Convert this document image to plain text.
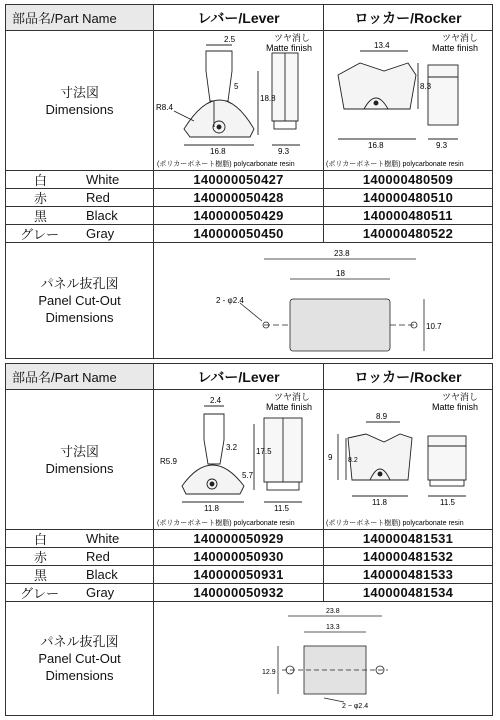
部品名/Part Name	レバー/Lever	ロッカー/Rocker
寸法図
Dimensions
2.5
5
18.8
R8.4
16.8	9.3
ツヤ消し
Matte finish
(ポリカーボネート樹脂) polycarbonate resin
13.4
8.3
16.8	9.3
ツヤ消し
Matte finish
(ポリカーボネート樹脂) polycarbonate resin
白	White	140000050427	140000480509
赤	Red	140000050428	140000480510
黒	Black	140000050429	140000480511
グレー	Gray	140000050450	140000480522
パネル抜孔図
Panel Cut-Out
Dimensions
23.8
18
2 - φ2.4
10.7
部品名/Part Name	レバー/Lever	ロッカー/Rocker
寸法図
Dimensions
2.4
3.2 17.5
5.7
R5.9
11.8	11.5
ツヤ消し
Matte finish
(ポリカーボネート樹脂) polycarbonate resin
8.9
9 8.2
11.8	11.5
ツヤ消し
Matte finish
(ポリカーボネート樹脂) polycarbonate resin
白	White	140000050929	140000481531
赤	Red	140000050930	140000481532
黒	Black	140000050931	140000481533
グレー	Gray	140000050932	140000481534
パネル抜孔図
Panel Cut-Out
Dimensions
23.8
13.3
12.9
2 − φ2.4
